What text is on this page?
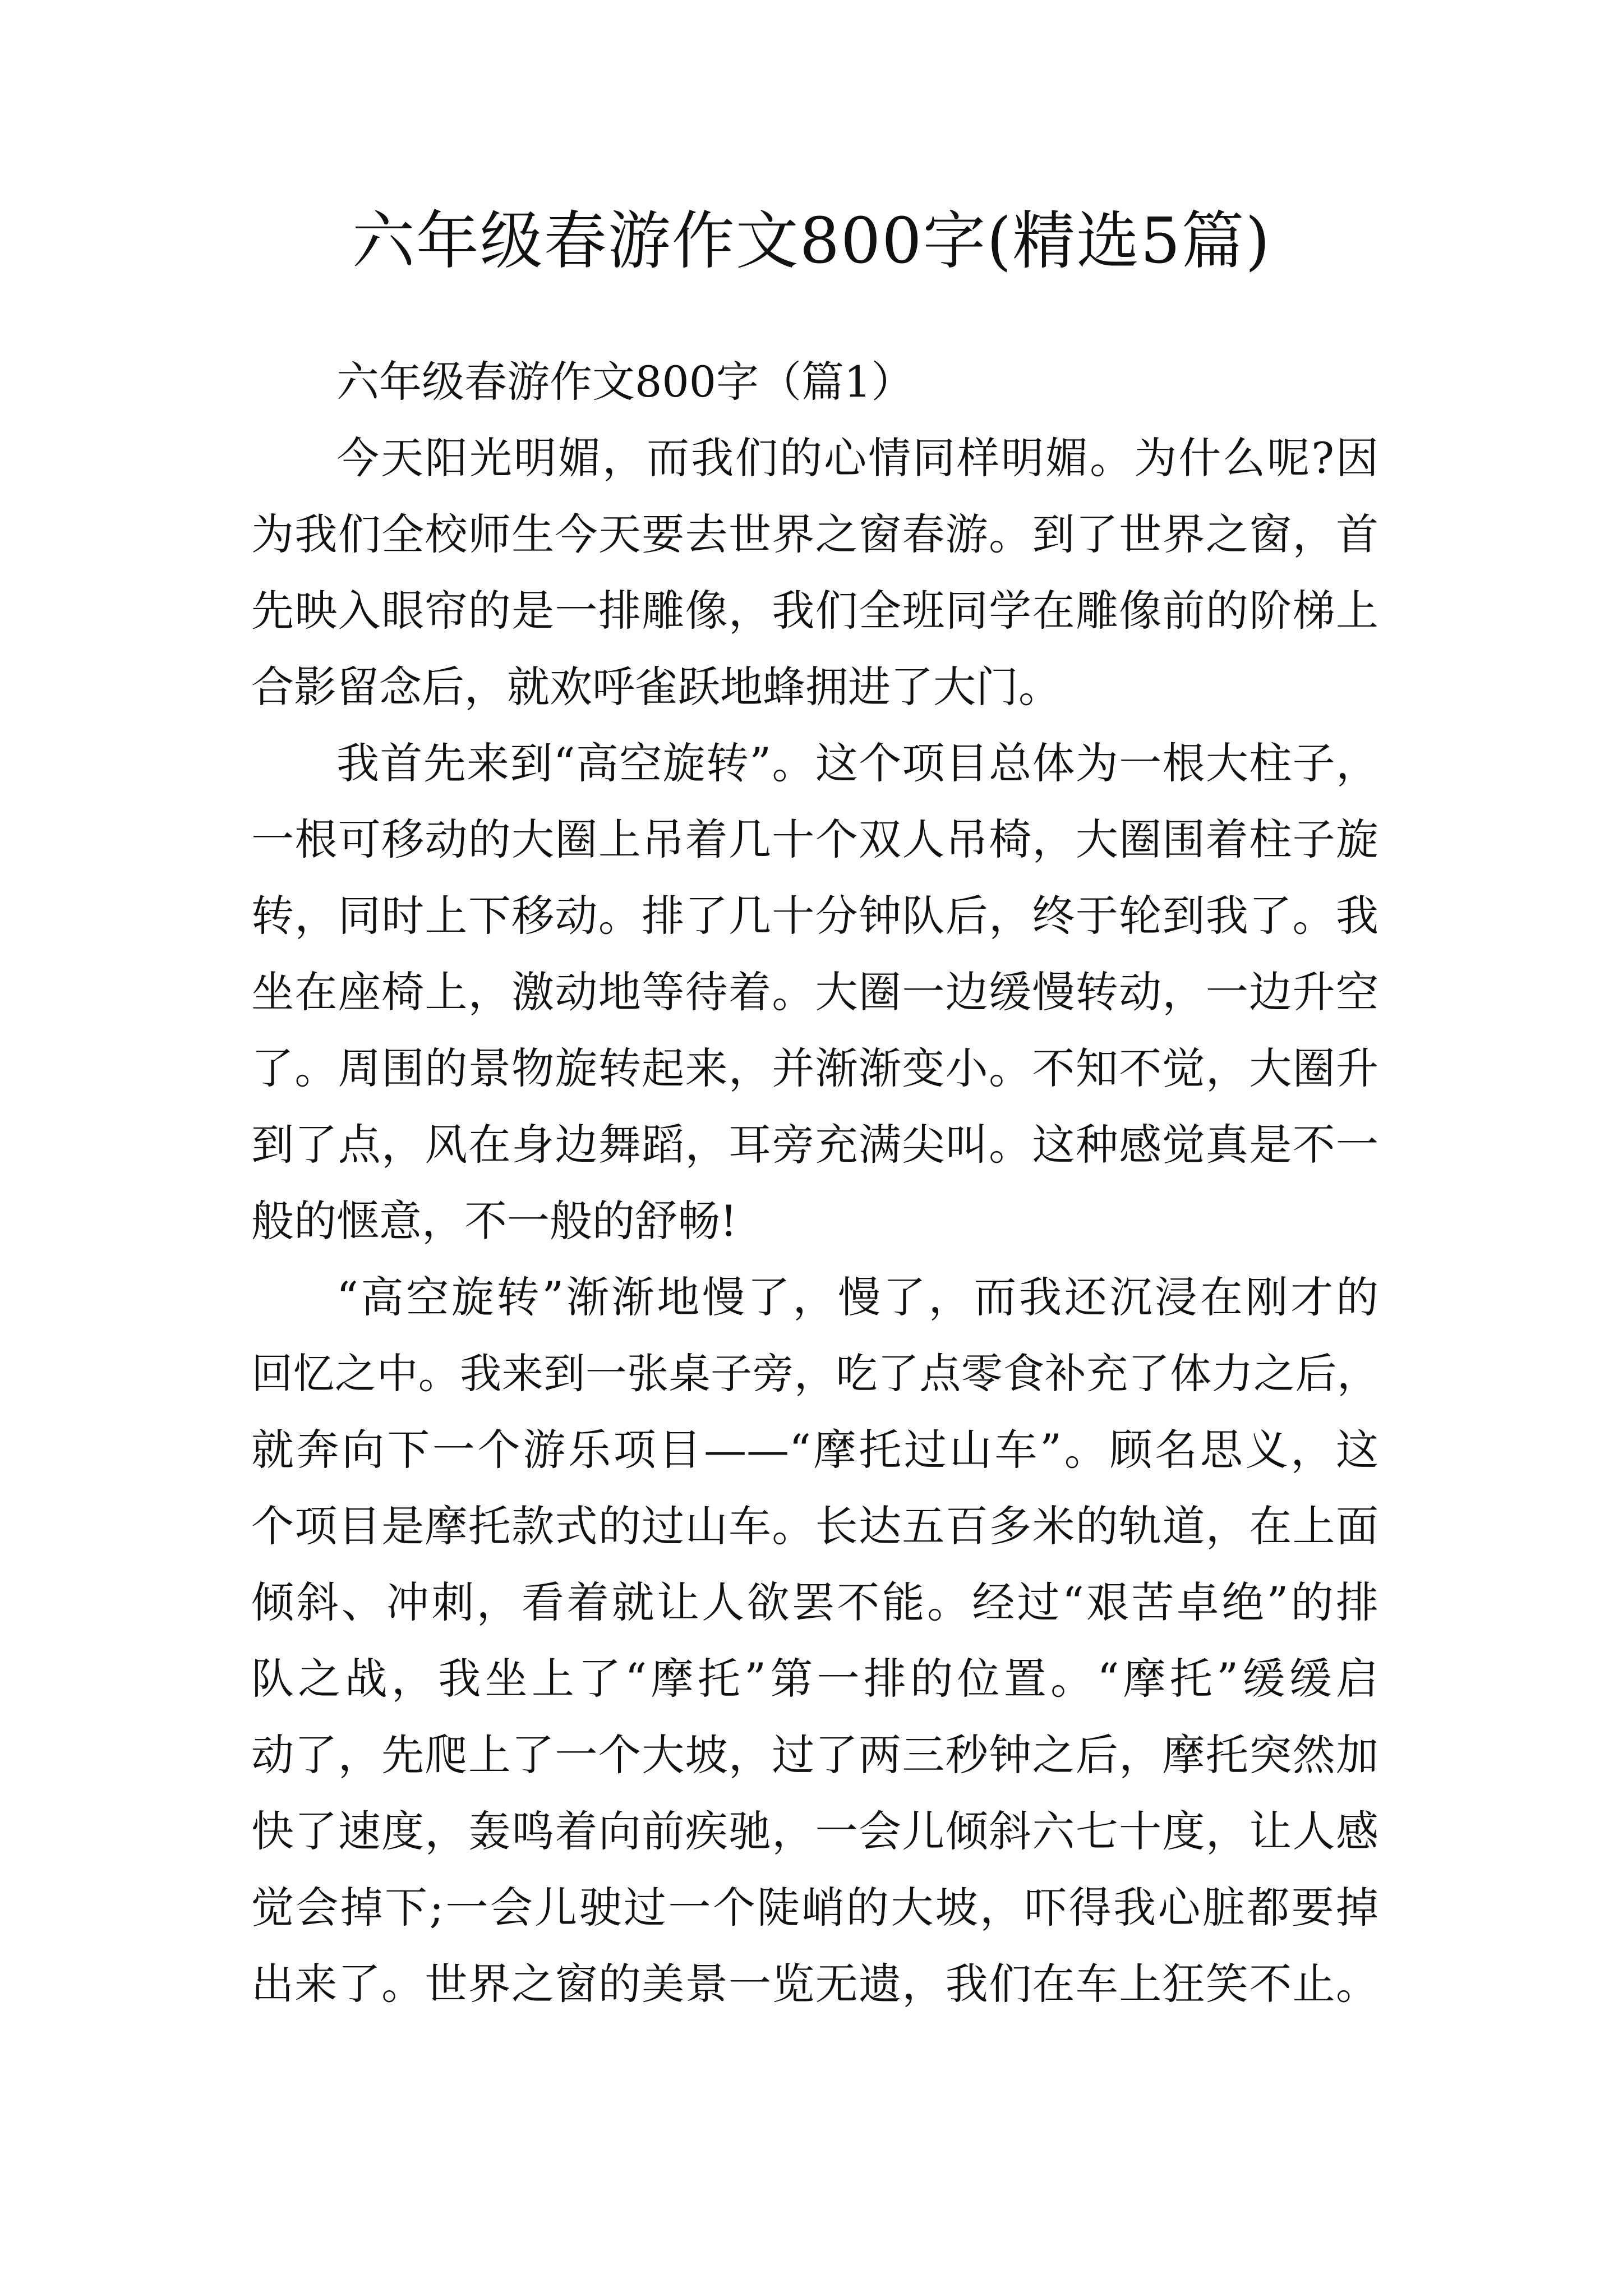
六年级春游作文800字(精选5篇)
六年级春游作文800字（篇1）
今天阳光明媚，而我们的心情同样明媚。为什么呢?因
为我们全校师生今天要去世界之窗春游。到了世界之窗，首
先映入眼帘的是一排雕像，我们全班同学在雕像前的阶梯上
合影留念后，就欢呼雀跃地蜂拥进了大门。
我首先来到“高空旋转”。这个项目总体为一根大柱子，
一根可移动的大圈上吊着几十个双人吊椅，大圈围着柱子旋
转，同时上下移动。排了几十分钟队后，终于轮到我了。我
坐在座椅上，激动地等待着。大圈一边缓慢转动，一边升空
了。周围的景物旋转起来，并渐渐变小。不知不觉，大圈升
到了点，风在身边舞蹈，耳旁充满尖叫。这种感觉真是不一
般的惬意，不一般的舒畅!
“高空旋转”渐渐地慢了，慢了，而我还沉浸在刚才的
回忆之中。我来到一张桌子旁，吃了点零食补充了体力之后，
就奔向下一个游乐项目——“摩托过山车”。顾名思义，这
个项目是摩托款式的过山车。长达五百多米的轨道，在上面
倾斜、冲刺，看着就让人欲罢不能。经过“艰苦卓绝”的排
队之战，我坐上了“摩托”第一排的位置。“摩托”缓缓启
动了，先爬上了一个大坡，过了两三秒钟之后，摩托突然加
快了速度，轰鸣着向前疾驰，一会儿倾斜六七十度，让人感
觉会掉下;一会儿驶过一个陡峭的大坡，吓得我心脏都要掉
出来了。世界之窗的美景一览无遗，我们在车上狂笑不止。
